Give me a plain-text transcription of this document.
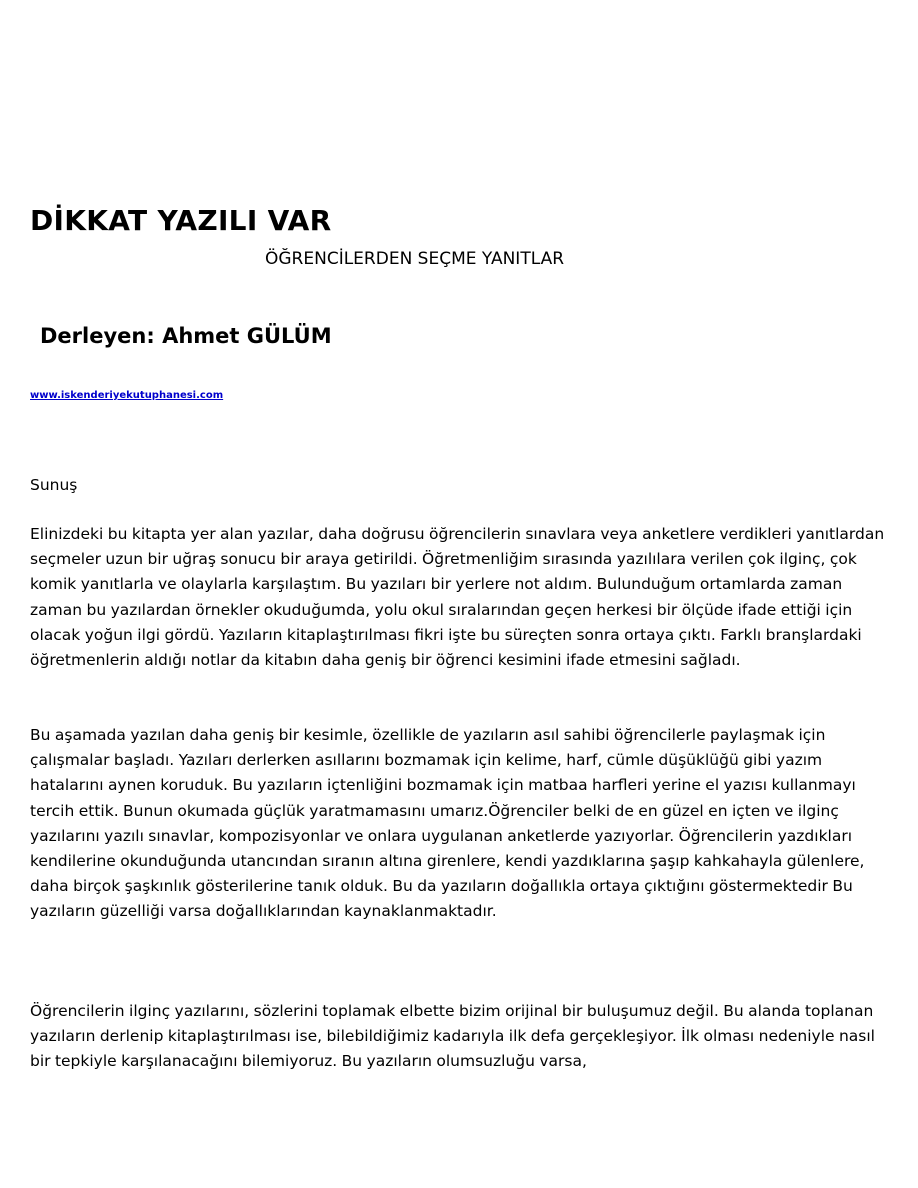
DİKKAT YAZILI VAR
ÖĞRENCİLERDEN SEÇME YANITLAR
Derleyen: Ahmet GÜLÜM
www.iskenderiyekutuphanesi.com

Sunuş

Elinizdeki bu kitapta yer alan yazılar, daha doğrusu öğrencilerin sınavlara veya anketlere verdikleri yanıtlardan seçmeler uzun bir uğraş sonucu bir araya getirildi. Öğretmenliğim sırasında yazılılara verilen çok ilginç, çok komik yanıtlarla ve olaylarla karşılaştım. Bu yazıları bir yerlere not aldım. Bulunduğum ortamlarda zaman zaman bu yazılardan örnekler okuduğumda, yolu okul sıralarından geçen herkesi bir ölçüde ifade ettiği için olacak yoğun ilgi gördü. Yazıların kitaplaştırılması fikri işte bu süreçten sonra ortaya çıktı. Farklı branşlardaki öğretmenlerin aldığı notlar da kitabın daha geniş bir öğrenci kesimini ifade etmesini sağladı.

Bu aşamada yazılan daha geniş bir kesimle, özellikle de yazıların asıl sahibi öğrencilerle paylaşmak için çalışmalar başladı. Yazıları derlerken asıllarını bozmamak için kelime, harf, cümle düşüklüğü gibi yazım hatalarını aynen koruduk. Bu yazıların içtenliğini bozmamak için matbaa harfleri yerine el yazısı kullanmayı tercih ettik. Bunun okumada güçlük yaratmamasını umarız.Öğrenciler belki de en güzel en içten ve ilginç yazılarını yazılı sınavlar, kompozisyonlar ve onlara uygulanan anketlerde yazıyorlar. Öğrencilerin yazdıkları kendilerine okunduğunda utancından sıranın altına girenlere, kendi yazdıklarına şaşıp kahkahayla gülenlere, daha birçok şaşkınlık gösterilerine tanık olduk. Bu da yazıların doğallıkla ortaya çıktığını göstermektedir Bu yazıların güzelliği varsa doğallıklarından kaynaklanmaktadır.

Öğrencilerin ilginç yazılarını, sözlerini toplamak elbette bizim orijinal bir buluşumuz değil. Bu alanda toplanan yazıların derlenip kitaplaştırılması ise, bilebildiğimiz kadarıyla ilk defa gerçekleşiyor. İlk olması nedeniyle nasıl bir tepkiyle karşılanacağını bilemiyoruz. Bu yazıların olumsuzluğu varsa,
